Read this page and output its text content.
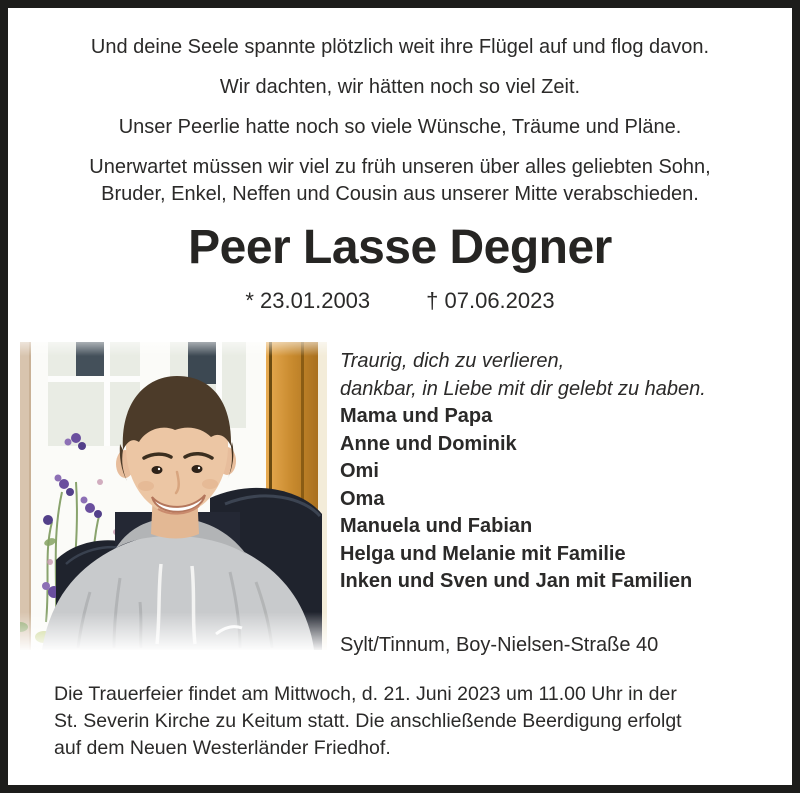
Und deine Seele spannte plötzlich weit ihre Flügel auf und flog davon.
Wir dachten, wir hätten noch so viel Zeit.
Unser Peerlie hatte noch so viele Wünsche, Träume und Pläne.
Unerwartet müssen wir viel zu früh unseren über alles geliebten Sohn,
Bruder, Enkel, Neffen und Cousin aus unserer Mitte verabschieden.
Peer Lasse Degner
* 23.01.2003	† 07.06.2023
Traurig, dich zu verlieren,
dankbar, in Liebe mit dir gelebt zu haben.
Mama und Papa
Anne und Dominik
Omi
Oma
Manuela und Fabian
Helga und Melanie mit Familie
Inken und Sven und Jan mit Familien
Sylt/Tinnum, Boy-Nielsen-Straße 40
Die Trauerfeier findet am Mittwoch, d. 21. Juni 2023 um 11.00 Uhr in der
St. Severin Kirche zu Keitum statt. Die anschließende Beerdigung erfolgt
auf dem Neuen Westerländer Friedhof.
